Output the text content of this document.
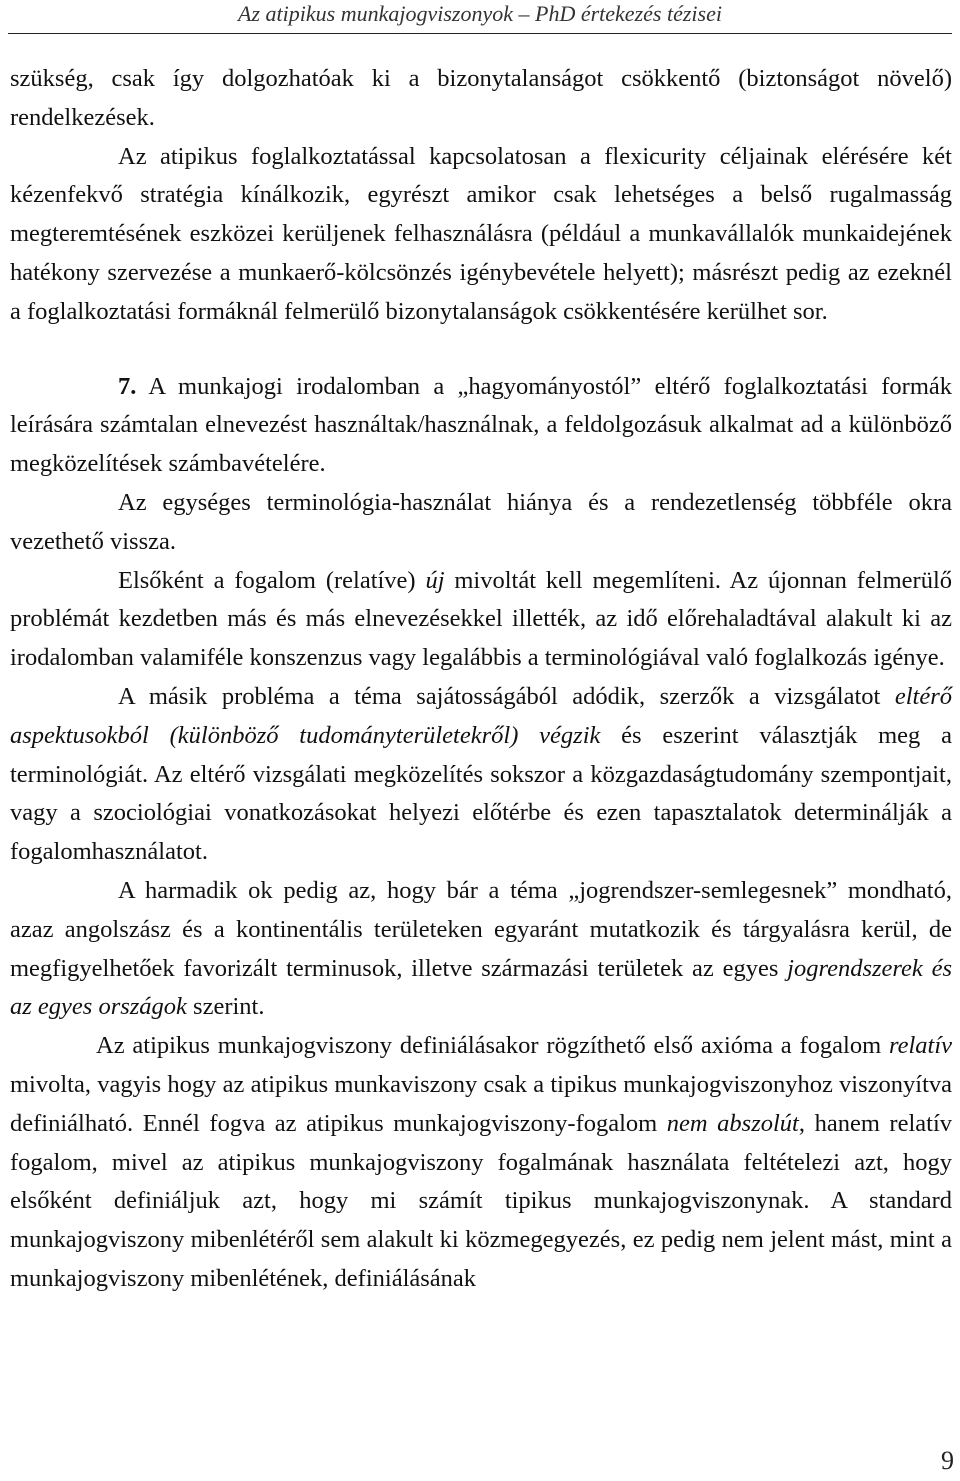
Az atipikus munkajogviszonyok – PhD értekezés tézisei

szükség, csak így dolgozhatóak ki a bizonytalanságot csökkentő (biztonságot növelő) rendelkezések.

Az atipikus foglalkoztatással kapcsolatosan a flexicurity céljainak elérésére két kézenfekvő stratégia kínálkozik, egyrészt amikor csak lehetséges a belső rugalmasság megteremtésének eszközei kerüljenek felhasználásra (például a munkavállalók munkaidejének hatékony szervezése a munkaerő-kölcsönzés igénybevétele helyett); másrészt pedig az ezeknél a foglalkoztatási formáknál felmerülő bizonytalanságok csökkentésére kerülhet sor.

7. A munkajogi irodalomban a „hagyományostól” eltérő foglalkoztatási formák leírására számtalan elnevezést használtak/használnak, a feldolgozásuk alkalmat ad a különböző megközelítések számbavételére.

Az egységes terminológia-használat hiánya és a rendezetlenség többféle okra vezethető vissza.

Elsőként a fogalom (relatíve) új mivoltát kell megemlíteni. Az újonnan felmerülő problémát kezdetben más és más elnevezésekkel illették, az idő előrehaladtával alakult ki az irodalomban valamiféle konszenzus vagy legalábbis a terminológiával való foglalkozás igénye.

A másik probléma a téma sajátosságából adódik, szerzők a vizsgálatot eltérő aspektusokból (különböző tudományterületekről) végzik és eszerint választják meg a terminológiát. Az eltérő vizsgálati megközelítés sokszor a közgazdaságtudomány szempontjait, vagy a szociológiai vonatkozásokat helyezi előtérbe és ezen tapasztalatok determinálják a fogalomhasználatot.

A harmadik ok pedig az, hogy bár a téma „jogrendszer-semlegesnek” mondható, azaz angolszász és a kontinentális területeken egyaránt mutatkozik és tárgyalásra kerül, de megfigyelhetőek favorizált terminusok, illetve származási területek az egyes jogrendszerek és az egyes országok szerint.

Az atipikus munkajogviszony definiálásakor rögzíthető első axióma a fogalom relatív mivolta, vagyis hogy az atipikus munkaviszony csak a tipikus munkajogviszonyhoz viszonyítva definiálható. Ennél fogva az atipikus munkajogviszony-fogalom nem abszolút, hanem relatív fogalom, mivel az atipikus munkajogviszony fogalmának használata feltételezi azt, hogy elsőként definiáljuk azt, hogy mi számít tipikus munkajogviszonynak. A standard munkajogviszony mibenlétéről sem alakult ki közmegegyezés, ez pedig nem jelent mást, mint a munkajogviszony mibenlétének, definiálásának

9
